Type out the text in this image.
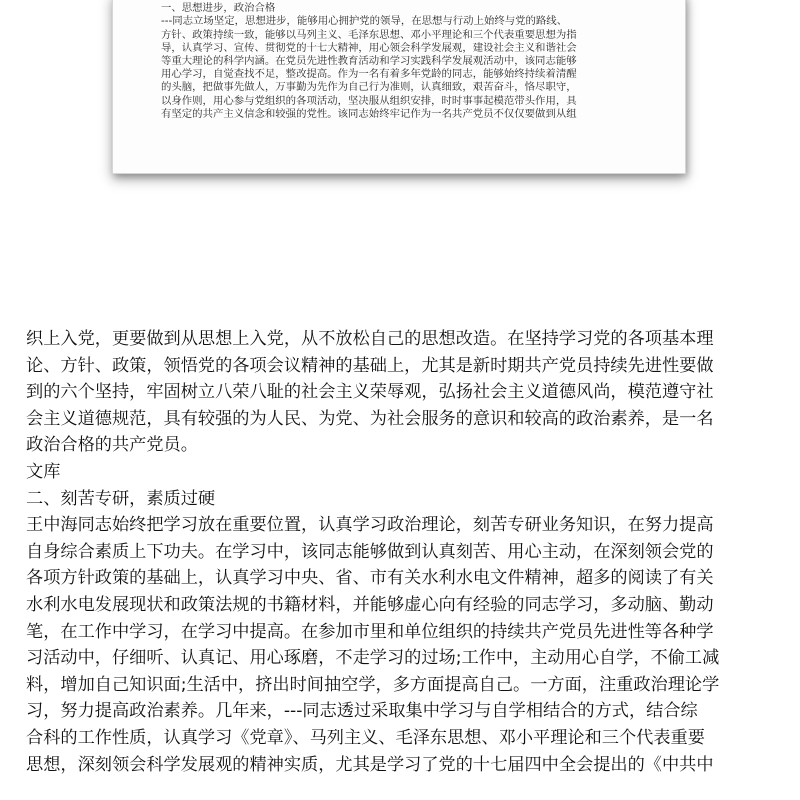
一、思想进步，政治合格
---同志立场坚定，思想进步，能够用心拥护党的领导，在思想与行动上始终与党的路线、
方针、政策持续一致，能够以马列主义、毛泽东思想、邓小平理论和三个代表重要思想为指
导，认真学习、宣传、贯彻党的十七大精神，用心领会科学发展观，建设社会主义和谐社会
等重大理论的科学内涵。在党员先进性教育活动和学习实践科学发展观活动中，该同志能够
用心学习，自觉查找不足，整改提高。作为一名有着多年党龄的同志，能够始终持续着清醒
的头脑，把做事先做人，万事勤为先作为自己行为准则，认真细致，艰苦奋斗，恪尽职守，
以身作则，用心参与党组织的各项活动，坚决服从组织安排，时时事事起模范带头作用，具
有坚定的共产主义信念和较强的党性。该同志始终牢记作为一名共产党员不仅仅要做到从组
织上入党，更要做到从思想上入党，从不放松自己的思想改造。在坚持学习党的各项基本理
论、方针、政策，领悟党的各项会议精神的基础上，尤其是新时期共产党员持续先进性要做
到的六个坚持，牢固树立八荣八耻的社会主义荣辱观，弘扬社会主义道德风尚，模范遵守社
会主义道德规范，具有较强的为人民、为党、为社会服务的意识和较高的政治素养，是一名
政治合格的共产党员。
文库
二、刻苦专研，素质过硬
王中海同志始终把学习放在重要位置，认真学习政治理论，刻苦专研业务知识，在努力提高
自身综合素质上下功夫。在学习中，该同志能够做到认真刻苦、用心主动，在深刻领会党的
各项方针政策的基础上，认真学习中央、省、市有关水利水电文件精神，超多的阅读了有关
水利水电发展现状和政策法规的书籍材料，并能够虚心向有经验的同志学习，多动脑、勤动
笔，在工作中学习，在学习中提高。在参加市里和单位组织的持续共产党员先进性等各种学
习活动中，仔细听、认真记、用心琢磨，不走学习的过场;工作中，主动用心自学，不偷工减
料，增加自己知识面;生活中，挤出时间抽空学，多方面提高自己。一方面，注重政治理论学
习，努力提高政治素养。几年来，---同志透过采取集中学习与自学相结合的方式，结合综
合科的工作性质，认真学习《党章》、马列主义、毛泽东思想、邓小平理论和三个代表重要
思想，深刻领会科学发展观的精神实质，尤其是学习了党的十七届四中全会提出的《中共中
